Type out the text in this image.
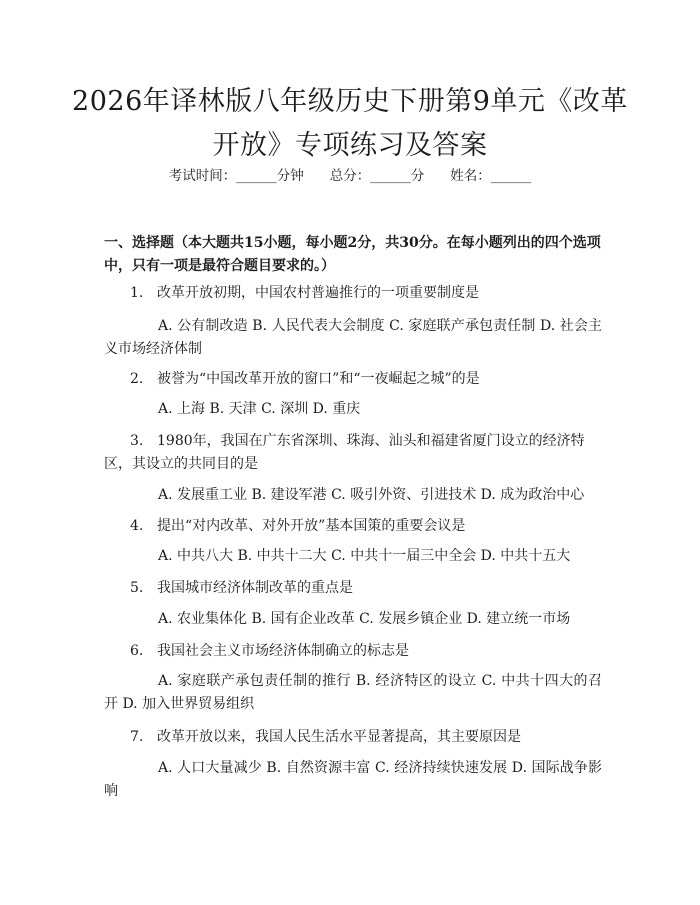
2026年译林版八年级历史下册第9单元《改革开放》专项练习及答案
考试时间：______分钟 总分：______分 姓名：______

一、选择题（本大题共15小题，每小题2分，共30分。在每小题列出的四个选项中，只有一项是最符合题目要求的。）

1. 改革开放初期，中国农村普遍推行的一项重要制度是

A. 公有制改造 B. 人民代表大会制度 C. 家庭联产承包责任制 D. 社会主义市场经济体制

2. 被誉为“中国改革开放的窗口”和“一夜崛起之城”的是

A. 上海 B. 天津 C. 深圳 D. 重庆

3. 1980年，我国在广东省深圳、珠海、汕头和福建省厦门设立的经济特区，其设立的共同目的是

A. 发展重工业 B. 建设军港 C. 吸引外资、引进技术 D. 成为政治中心

4. 提出“对内改革、对外开放”基本国策的重要会议是

A. 中共八大 B. 中共十二大 C. 中共十一届三中全会 D. 中共十五大

5. 我国城市经济体制改革的重点是

A. 农业集体化 B. 国有企业改革 C. 发展乡镇企业 D. 建立统一市场

6. 我国社会主义市场经济体制确立的标志是

A. 家庭联产承包责任制的推行 B. 经济特区的设立 C. 中共十四大的召开 D. 加入世界贸易组织

7. 改革开放以来，我国人民生活水平显著提高，其主要原因是

A. 人口大量减少 B. 自然资源丰富 C. 经济持续快速发展 D. 国际战争影响
